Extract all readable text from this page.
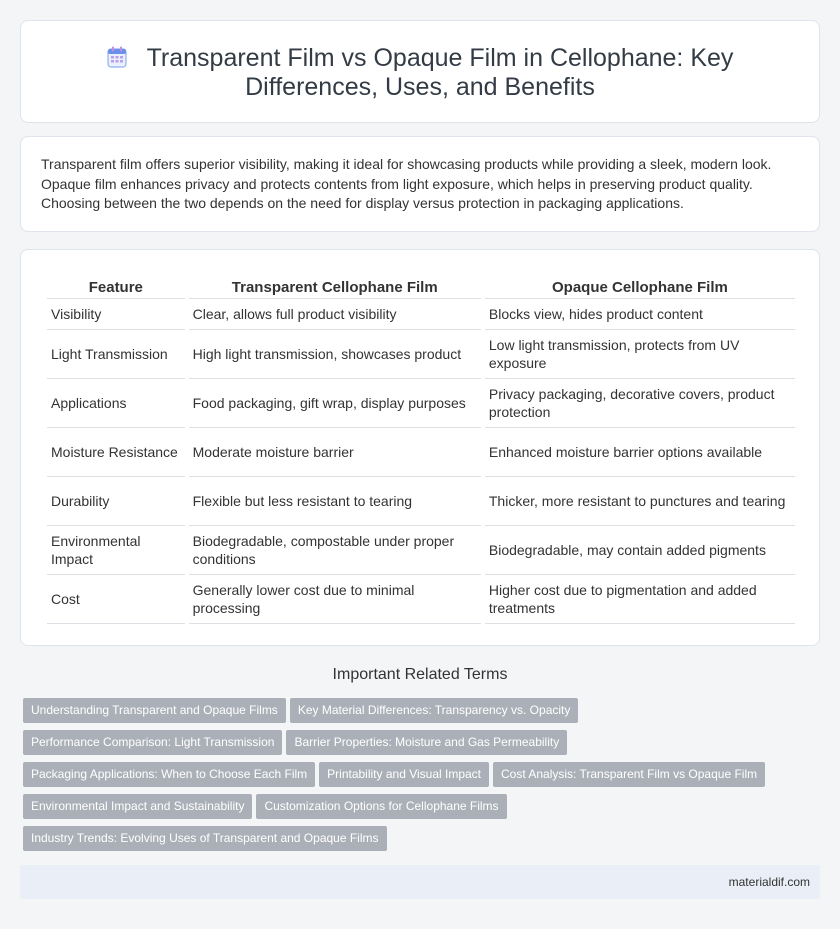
Transparent Film vs Opaque Film in Cellophane: Key Differences, Uses, and Benefits

Transparent film offers superior visibility, making it ideal for showcasing products while providing a sleek, modern look. Opaque film enhances privacy and protects contents from light exposure, which helps in preserving product quality. Choosing between the two depends on the need for display versus protection in packaging applications.

Feature	Transparent Cellophane Film	Opaque Cellophane Film
Visibility	Clear, allows full product visibility	Blocks view, hides product content
Light Transmission	High light transmission, showcases product	Low light transmission, protects from UV exposure
Applications	Food packaging, gift wrap, display purposes	Privacy packaging, decorative covers, product protection
Moisture Resistance	Moderate moisture barrier	Enhanced moisture barrier options available
Durability	Flexible but less resistant to tearing	Thicker, more resistant to punctures and tearing
Environmental Impact	Biodegradable, compostable under proper conditions	Biodegradable, may contain added pigments
Cost	Generally lower cost due to minimal processing	Higher cost due to pigmentation and added treatments
Important Related Terms
Understanding Transparent and Opaque Films Key Material Differences: Transparency vs. Opacity
Performance Comparison: Light Transmission Barrier Properties: Moisture and Gas Permeability
Packaging Applications: When to Choose Each Film Printability and Visual Impact Cost Analysis: Transparent Film vs Opaque Film
Environmental Impact and Sustainability Customization Options for Cellophane Films
Industry Trends: Evolving Uses of Transparent and Opaque Films
materialdif.com
